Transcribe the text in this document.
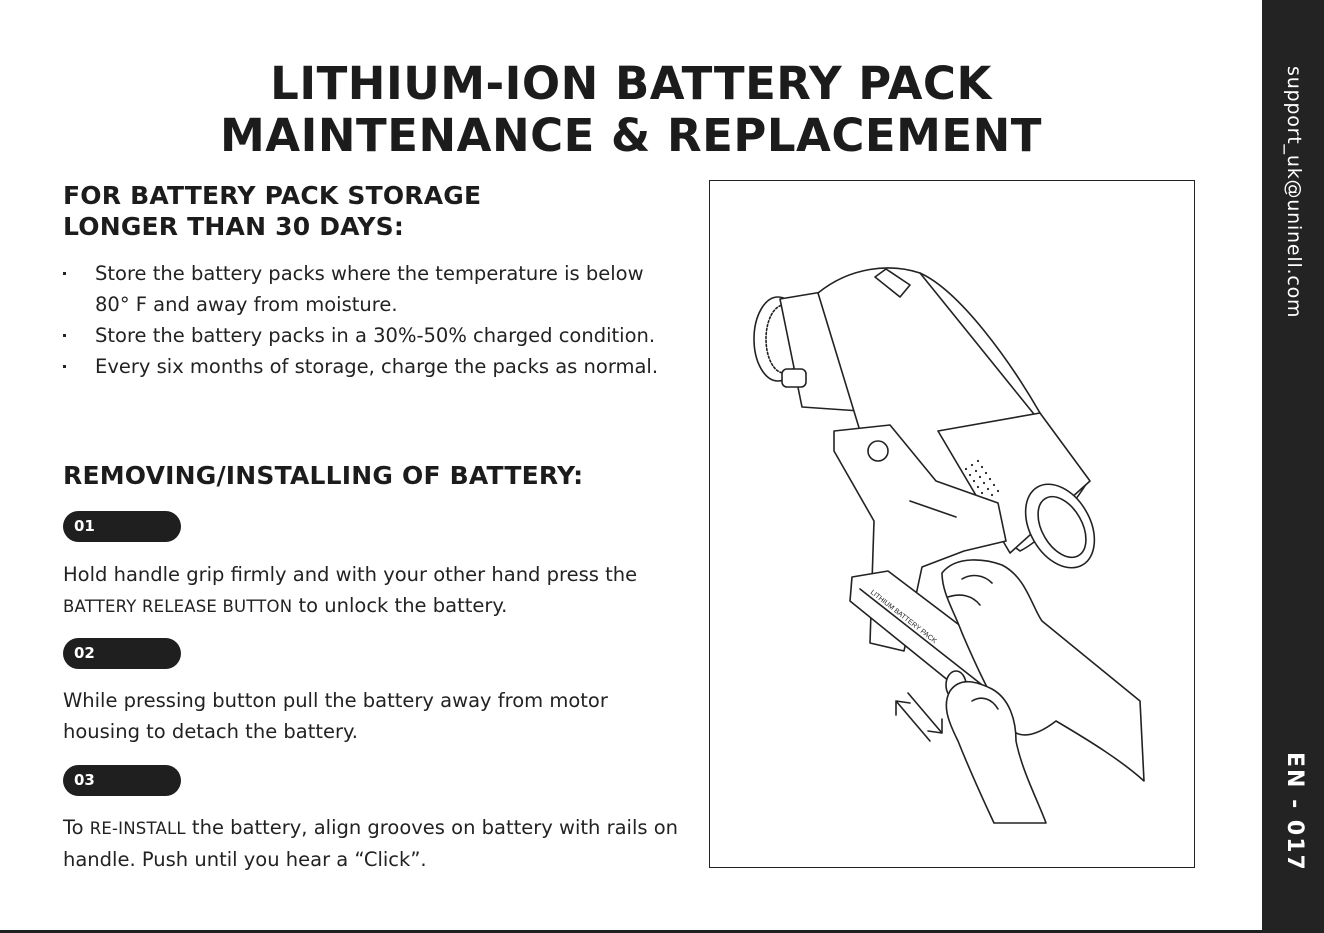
LITHIUM-ION BATTERY PACK
MAINTENANCE & REPLACEMENT
FOR BATTERY PACK STORAGE
LONGER THAN 30 DAYS:
Store the battery packs where the temperature is below 80° F and away from moisture.
Store the battery packs in a 30%-50% charged condition.
Every six months of storage, charge the packs as normal.
REMOVING/INSTALLING OF BATTERY:
01

Hold handle grip firmly and with your other hand press the BATTERY RELEASE BUTTON to unlock the battery.

02

While pressing button pull the battery away from motor housing to detach the battery.

03

To RE-INSTALL the battery, align grooves on battery with rails on handle. Push until you hear a “Click”.

LITHIUM BATTERY PACK
support_uk@uninell.com
EN - 017
